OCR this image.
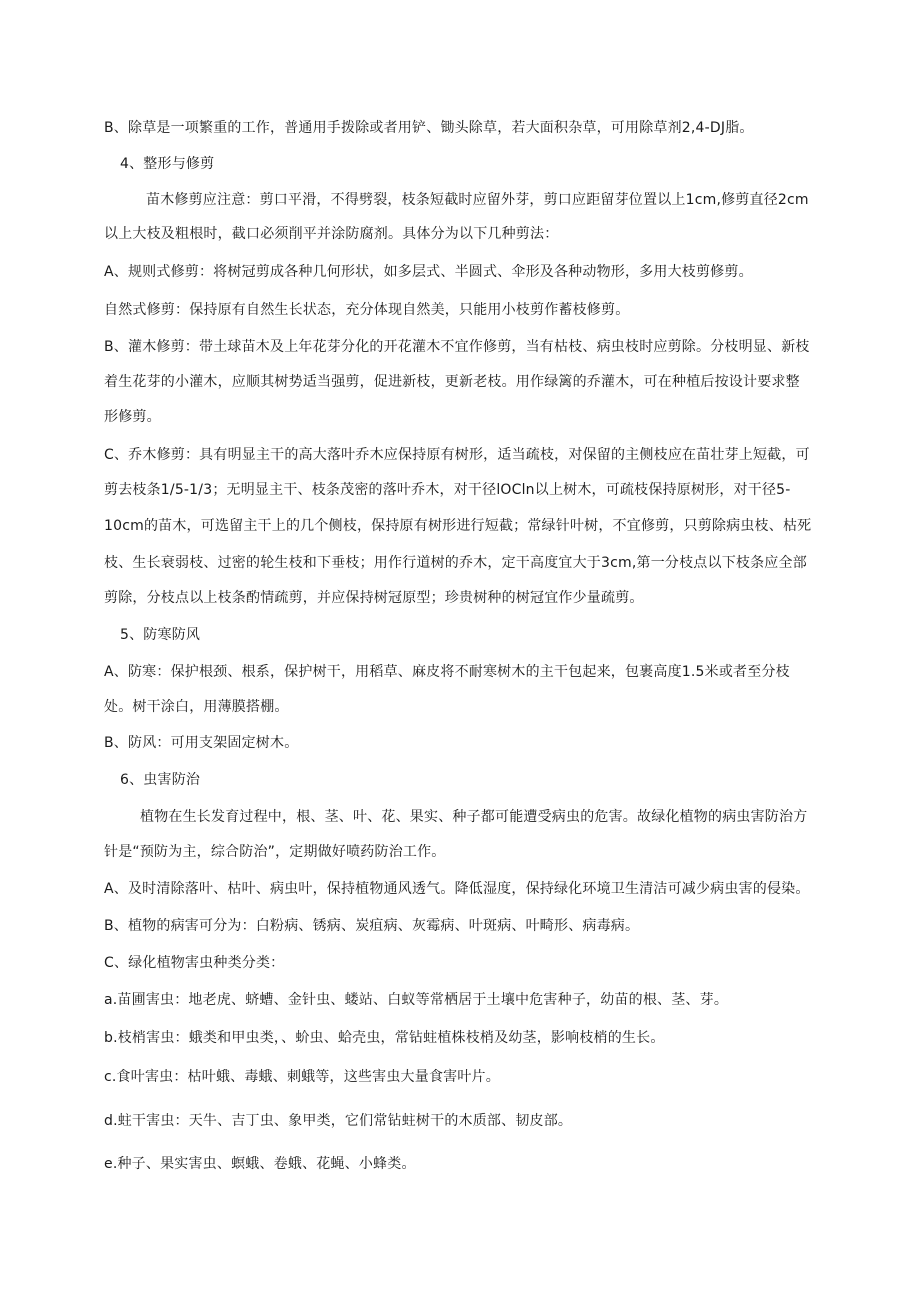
B、除草是一项繁重的工作，普通用手拨除或者用铲、锄头除草，若大面积杂草，可用除草剂2,4-DJ脂。

4、整形与修剪

苗木修剪应注意：剪口平滑，不得劈裂，枝条短截时应留外芽，剪口应距留芽位置以上1cm,修剪直径2cm

以上大枝及粗根时，截口必须削平并涂防腐剂。具体分为以下几种剪法：

A、规则式修剪：将树冠剪成各种几何形状，如多层式、半圆式、伞形及各种动物形，多用大枝剪修剪。

自然式修剪：保持原有自然生长状态，充分体现自然美，只能用小枝剪作蓄枝修剪。

B、灌木修剪：带土球苗木及上年花芽分化的开花灌木不宜作修剪，当有枯枝、病虫枝时应剪除。分枝明显、新枝

着生花芽的小灌木，应顺其树势适当强剪，促进新枝，更新老枝。用作绿篱的乔灌木，可在种植后按设计要求整

形修剪。

C、乔木修剪：具有明显主干的高大落叶乔木应保持原有树形，适当疏枝，对保留的主侧枝应在苗壮芽上短截，可

剪去枝条1/5-1/3；无明显主干、枝条茂密的落叶乔木，对干径lOCln以上树木，可疏枝保持原树形，对干径5-

10cm的苗木，可选留主干上的几个侧枝，保持原有树形进行短截；常绿针叶树，不宜修剪，只剪除病虫枝、枯死

枝、生长衰弱枝、过密的轮生枝和下垂枝；用作行道树的乔木，定干高度宜大于3cm,第一分枝点以下枝条应全部

剪除，分枝点以上枝条酌情疏剪，并应保持树冠原型；珍贵树种的树冠宜作少量疏剪。

5、防寒防风

A、防寒：保护根颈、根系，保护树干，用稻草、麻皮将不耐寒树木的主干包起来，包裹高度1.5米或者至分枝

处。树干涂白，用薄膜搭棚。

B、防风：可用支架固定树木。

6、虫害防治

植物在生长发育过程中，根、茎、叶、花、果实、种子都可能遭受病虫的危害。故绿化植物的病虫害防治方

针是“预防为主，综合防治”，定期做好喷药防治工作。

A、及时清除落叶、枯叶、病虫叶，保持植物通风透气。降低湿度，保持绿化环境卫生清洁可减少病虫害的侵染。

B、植物的病害可分为：白粉病、锈病、炭疽病、灰霉病、叶斑病、叶畸形、病毒病。

C、绿化植物害虫种类分类：

a.苗圃害虫：地老虎、蛴螬、金针虫、蝼站、白蚁等常栖居于土壤中危害种子，幼苗的根、茎、芽。

b.枝梢害虫：蛾类和甲虫类，、蚧虫、蛤壳虫，常钻蛀植株枝梢及幼茎，影响枝梢的生长。

c.食叶害虫：枯叶蛾、毒蛾、刺蛾等，这些害虫大量食害叶片。

d.蛀干害虫：天牛、吉丁虫、象甲类，它们常钻蛀树干的木质部、韧皮部。

e.种子、果实害虫、螟蛾、卷蛾、花蝇、小蜂类。
